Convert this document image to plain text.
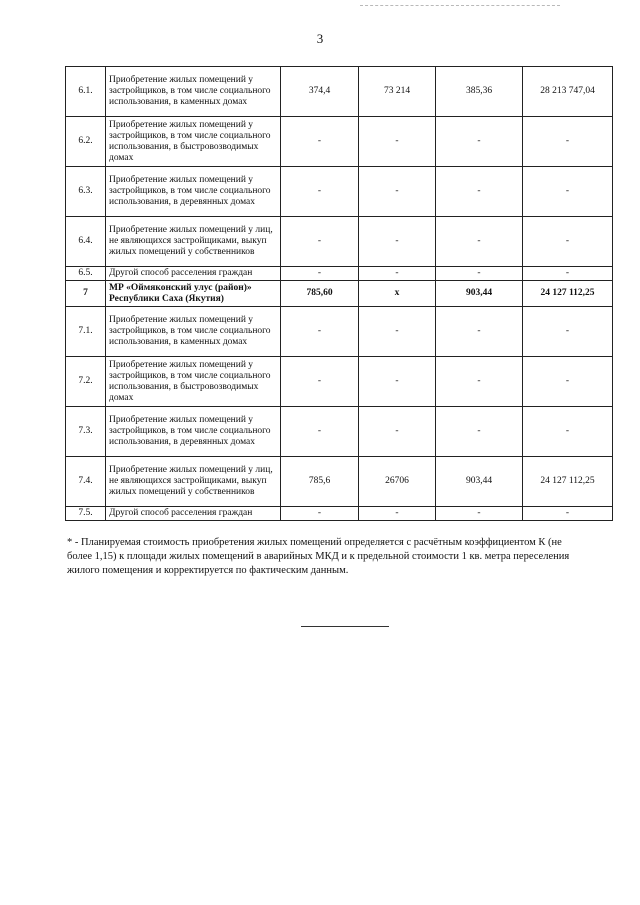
3
6.1.	Приобретение жилых помещений у застройщиков, в том числе социального использования, в каменных домах	374,4	73 214	385,36	28 213 747,04
6.2.	Приобретение жилых помещений у застройщиков, в том числе социального использования, в быстровозводимых домах	-	-	-	-
6.3.	Приобретение жилых помещений у застройщиков, в том числе социального использования, в деревянных домах	-	-	-	-
6.4.	Приобретение жилых помещений у лиц, не являющихся застройщиками, выкуп жилых помещений у собственников	-	-	-	-
6.5.	Другой способ расселения граждан	-	-	-	-
7	МР «Оймяконский улус (район)» Республики Саха (Якутия)	785,60	х	903,44	24 127 112,25
7.1.	Приобретение жилых помещений у застройщиков, в том числе социального использования, в каменных домах	-	-	-	-
7.2.	Приобретение жилых помещений у застройщиков, в том числе социального использования, в быстровозводимых домах	-	-	-	-
7.3.	Приобретение жилых помещений у застройщиков, в том числе социального использования, в деревянных домах	-	-	-	-
7.4.	Приобретение жилых помещений у лиц, не являющихся застройщиками, выкуп жилых помещений у собственников	785,6	26706	903,44	24 127 112,25
7.5.	Другой способ расселения граждан	-	-	-	-
* - Планируемая стоимость приобретения жилых помещений определяется с расчётным коэффициентом К (не более 1,15) к площади жилых помещений в аварийных МКД и к предельной стоимости 1 кв. метра переселения жилого помещения и корректируется по фактическим данным.
